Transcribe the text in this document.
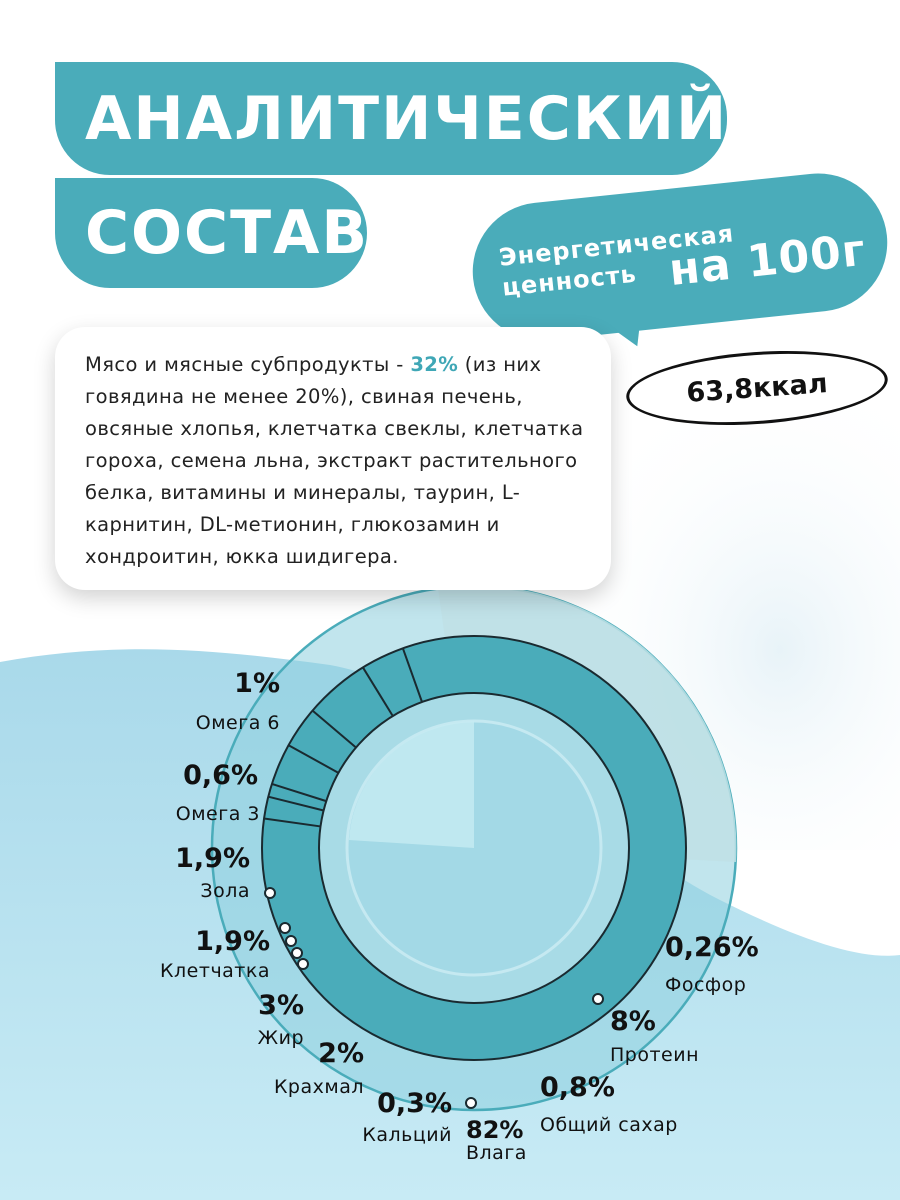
АНАЛИТИЧЕСКИЙ
СОСТАВ	Энергетическая
ценность на 100г
63,8ккал

Мясо и мясные субпродукты - 32% (из них говядина не менее 20%), свиная печень, овсяные хлопья, клетчатка свеклы, клетчатка гороха, семена льна, экстракт растительного белка, витамины и минералы, таурин, L-карнитин, DL-метионин, глюкозамин и хондроитин, юкка шидигера.

1%
Омега 6
0,6%
Омега 3
1,9%
Зола
1,9%
Клетчатка
3%
Жир 2%
Крахмал
0,3%
Кальций 82%
Влага
0,8%
Общий сахар
8%
Протеин
0,26%
Фосфор
